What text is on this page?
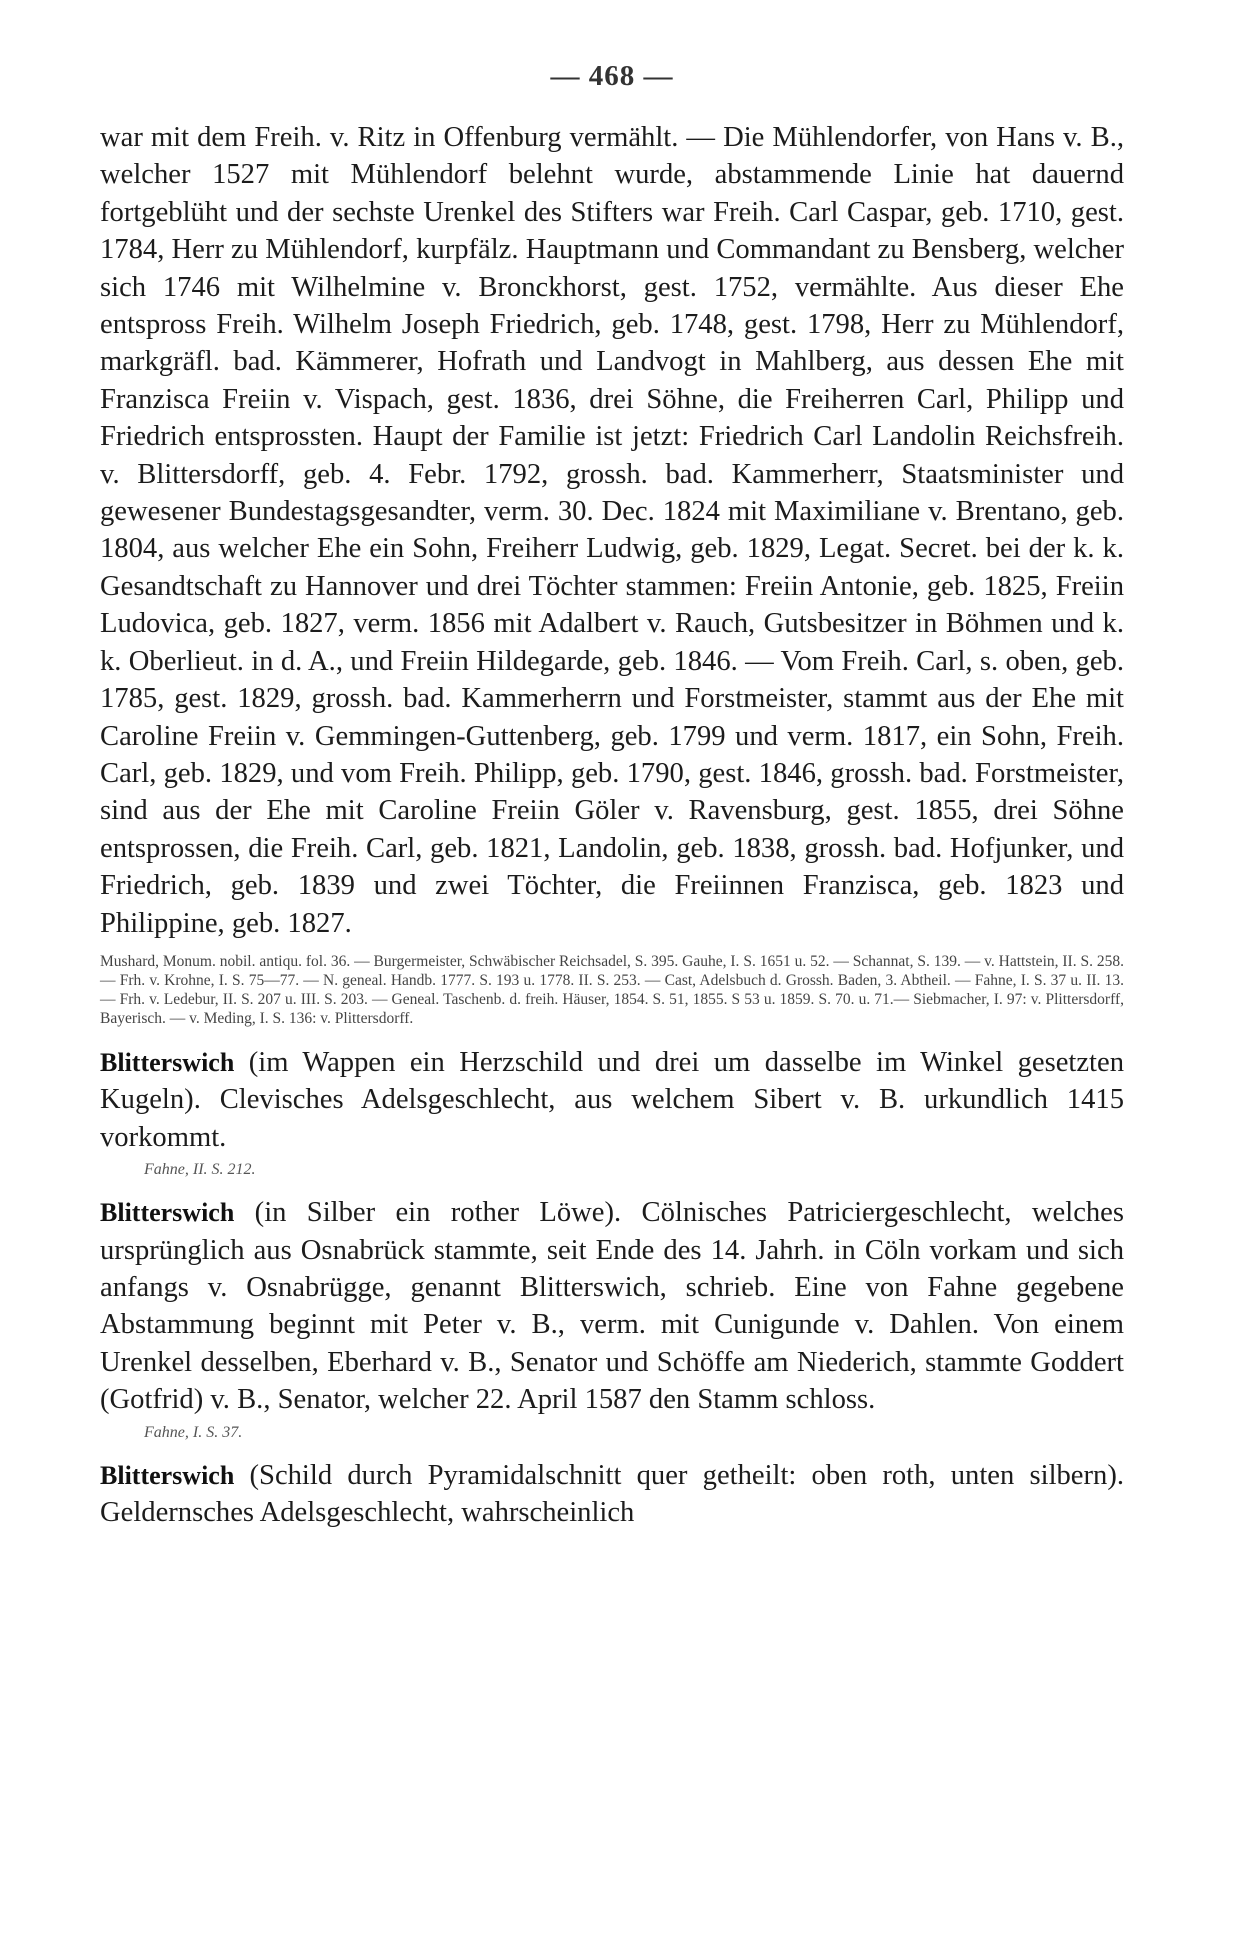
— 468 —

war mit dem Freih. v. Ritz in Offenburg vermählt. — Die Mühlendorfer, von Hans v. B., welcher 1527 mit Mühlendorf belehnt wurde, abstammende Linie hat dauernd fortgeblüht und der sechste Urenkel des Stifters war Freih. Carl Caspar, geb. 1710, gest. 1784, Herr zu Mühlendorf, kurpfälz. Hauptmann und Commandant zu Bensberg, welcher sich 1746 mit Wilhelmine v. Bronckhorst, gest. 1752, vermählte. Aus dieser Ehe entspross Freih. Wilhelm Joseph Friedrich, geb. 1748, gest. 1798, Herr zu Mühlendorf, markgräfl. bad. Kämmerer, Hofrath und Landvogt in Mahlberg, aus dessen Ehe mit Franzisca Freiin v. Vispach, gest. 1836, drei Söhne, die Freiherren Carl, Philipp und Friedrich entsprossten. Haupt der Familie ist jetzt: Friedrich Carl Landolin Reichsfreih. v. Blittersdorff, geb. 4. Febr. 1792, grossh. bad. Kammerherr, Staatsminister und gewesener Bundestagsgesandter, verm. 30. Dec. 1824 mit Maximiliane v. Brentano, geb. 1804, aus welcher Ehe ein Sohn, Freiherr Ludwig, geb. 1829, Legat. Secret. bei der k. k. Gesandtschaft zu Hannover und drei Töchter stammen: Freiin Antonie, geb. 1825, Freiin Ludovica, geb. 1827, verm. 1856 mit Adalbert v. Rauch, Gutsbesitzer in Böhmen und k. k. Oberlieut. in d. A., und Freiin Hildegarde, geb. 1846. — Vom Freih. Carl, s. oben, geb. 1785, gest. 1829, grossh. bad. Kammerherrn und Forstmeister, stammt aus der Ehe mit Caroline Freiin v. Gemmingen-Guttenberg, geb. 1799 und verm. 1817, ein Sohn, Freih. Carl, geb. 1829, und vom Freih. Philipp, geb. 1790, gest. 1846, grossh. bad. Forstmeister, sind aus der Ehe mit Caroline Freiin Göler v. Ravensburg, gest. 1855, drei Söhne entsprossen, die Freih. Carl, geb. 1821, Landolin, geb. 1838, grossh. bad. Hofjunker, und Friedrich, geb. 1839 und zwei Töchter, die Freiinnen Franzisca, geb. 1823 und Philippine, geb. 1827.

Mushard, Monum. nobil. antiqu. fol. 36. — Burgermeister, Schwäbischer Reichsadel, S. 395. Gauhe, I. S. 1651 u. 52. — Schannat, S. 139. — v. Hattstein, II. S. 258. — Frh. v. Krohne, I. S. 75—77. — N. geneal. Handb. 1777. S. 193 u. 1778. II. S. 253. — Cast, Adelsbuch d. Grossh. Baden, 3. Abtheil. — Fahne, I. S. 37 u. II. 13. — Frh. v. Ledebur, II. S. 207 u. III. S. 203. — Geneal. Taschenb. d. freih. Häuser, 1854. S. 51, 1855. S 53 u. 1859. S. 70. u. 71.— Siebmacher, I. 97: v. Plittersdorff, Bayerisch. — v. Meding, I. S. 136: v. Plittersdorff.

Blitterswich (im Wappen ein Herzschild und drei um dasselbe im Winkel gesetzten Kugeln). Clevisches Adelsgeschlecht, aus welchem Sibert v. B. urkundlich 1415 vorkommt.

Fahne, II. S. 212.

Blitterswich (in Silber ein rother Löwe). Cölnisches Patriciergeschlecht, welches ursprünglich aus Osnabrück stammte, seit Ende des 14. Jahrh. in Cöln vorkam und sich anfangs v. Osnabrügge, genannt Blitterswich, schrieb. Eine von Fahne gegebene Abstammung beginnt mit Peter v. B., verm. mit Cunigunde v. Dahlen. Von einem Urenkel desselben, Eberhard v. B., Senator und Schöffe am Niederich, stammte Goddert (Gotfrid) v. B., Senator, welcher 22. April 1587 den Stamm schloss.

Fahne, I. S. 37.

Blitterswich (Schild durch Pyramidalschnitt quer getheilt: oben roth, unten silbern). Geldernsches Adelsgeschlecht, wahrscheinlich
